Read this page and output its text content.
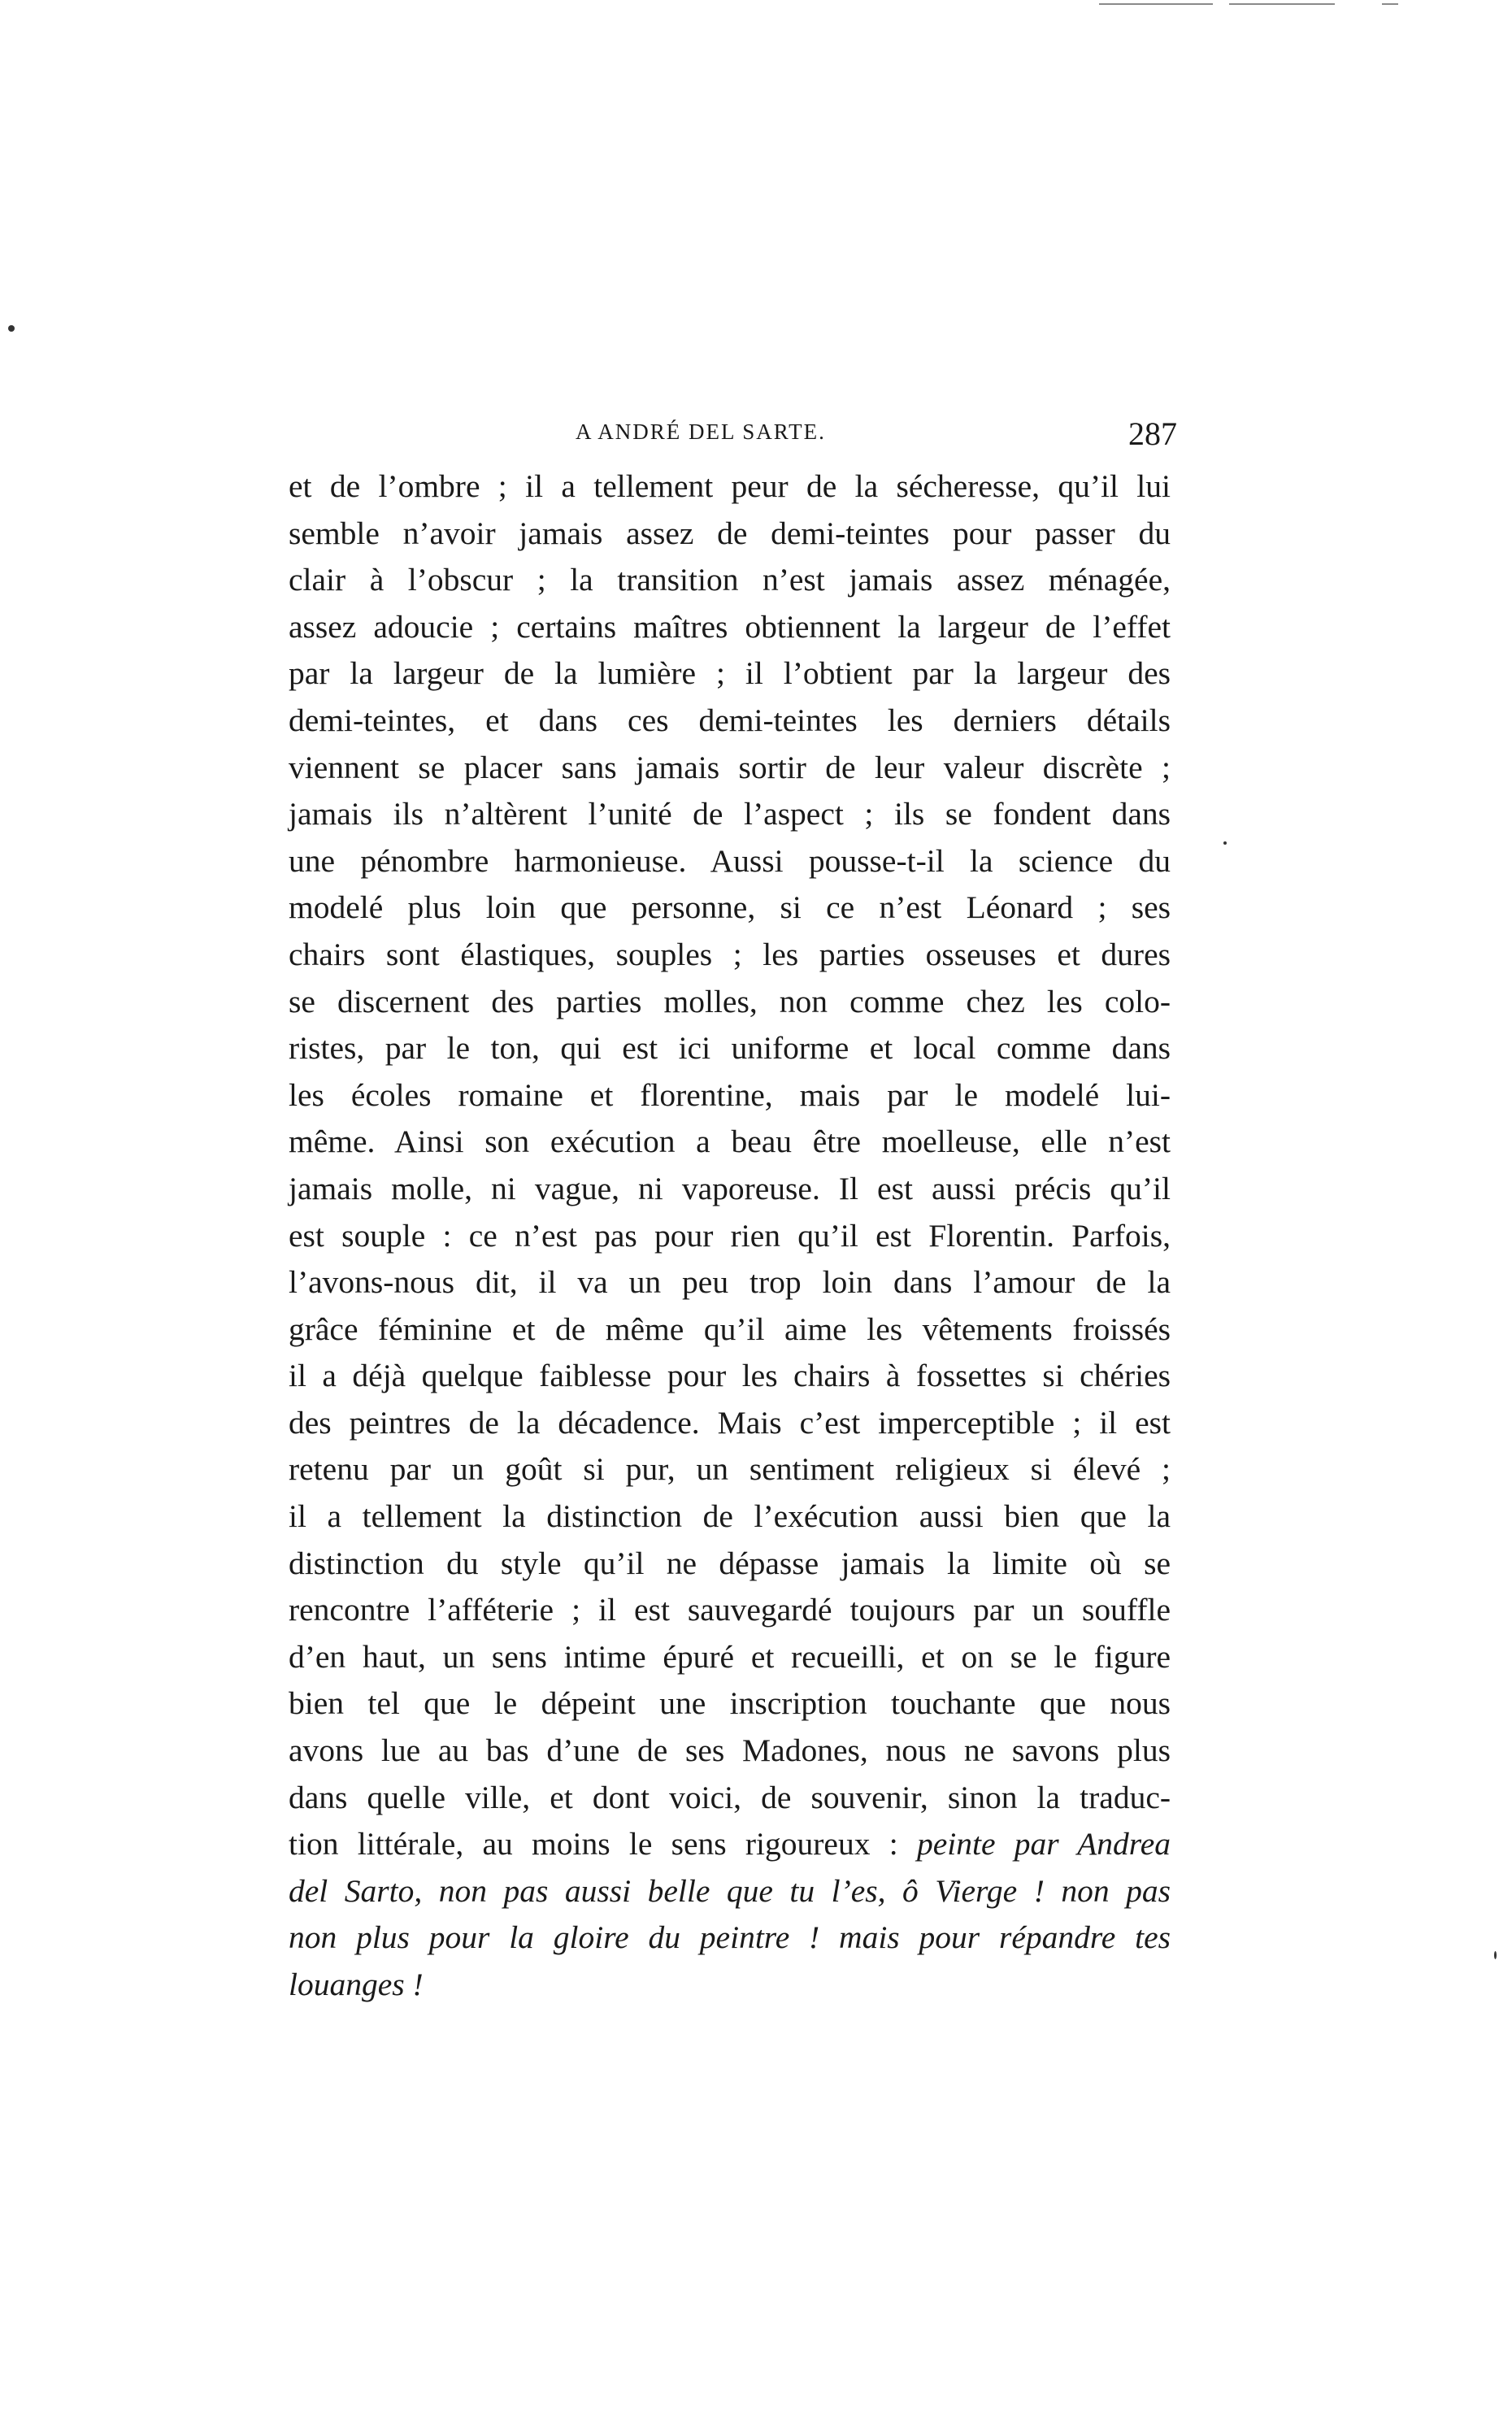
A ANDRÉ DEL SARTE.	287
et de l’ombre ; il a tellement peur de la sécheresse, qu’il lui
semble n’avoir jamais assez de demi-teintes pour passer du
clair à l’obscur ; la transition n’est jamais assez ménagée,
assez adoucie ; certains maîtres obtiennent la largeur de l’effet
par la largeur de la lumière ; il l’obtient par la largeur des
demi-teintes, et dans ces demi-teintes les derniers détails
viennent se placer sans jamais sortir de leur valeur discrète ;
jamais ils n’altèrent l’unité de l’aspect ; ils se fondent dans
une pénombre harmonieuse. Aussi pousse-t-il la science du
modelé plus loin que personne, si ce n’est Léonard ; ses
chairs sont élastiques, souples ; les parties osseuses et dures
se discernent des parties molles, non comme chez les colo-
ristes, par le ton, qui est ici uniforme et local comme dans
les écoles romaine et florentine, mais par le modelé lui-
même. Ainsi son exécution a beau être moelleuse, elle n’est
jamais molle, ni vague, ni vaporeuse. Il est aussi précis qu’il
est souple : ce n’est pas pour rien qu’il est Florentin. Parfois,
l’avons-nous dit, il va un peu trop loin dans l’amour de la
grâce féminine et de même qu’il aime les vêtements froissés
il a déjà quelque faiblesse pour les chairs à fossettes si chéries
des peintres de la décadence. Mais c’est imperceptible ; il est
retenu par un goût si pur, un sentiment religieux si élevé ;
il a tellement la distinction de l’exécution aussi bien que la
distinction du style qu’il ne dépasse jamais la limite où se
rencontre l’afféterie ; il est sauvegardé toujours par un souffle
d’en haut, un sens intime épuré et recueilli, et on se le figure
bien tel que le dépeint une inscription touchante que nous
avons lue au bas d’une de ses Madones, nous ne savons plus
dans quelle ville, et dont voici, de souvenir, sinon la traduc-
tion littérale, au moins le sens rigoureux : peinte par Andrea
del Sarto, non pas aussi belle que tu l’es, ô Vierge ! non pas
non plus pour la gloire du peintre ! mais pour répandre tes
louanges !
